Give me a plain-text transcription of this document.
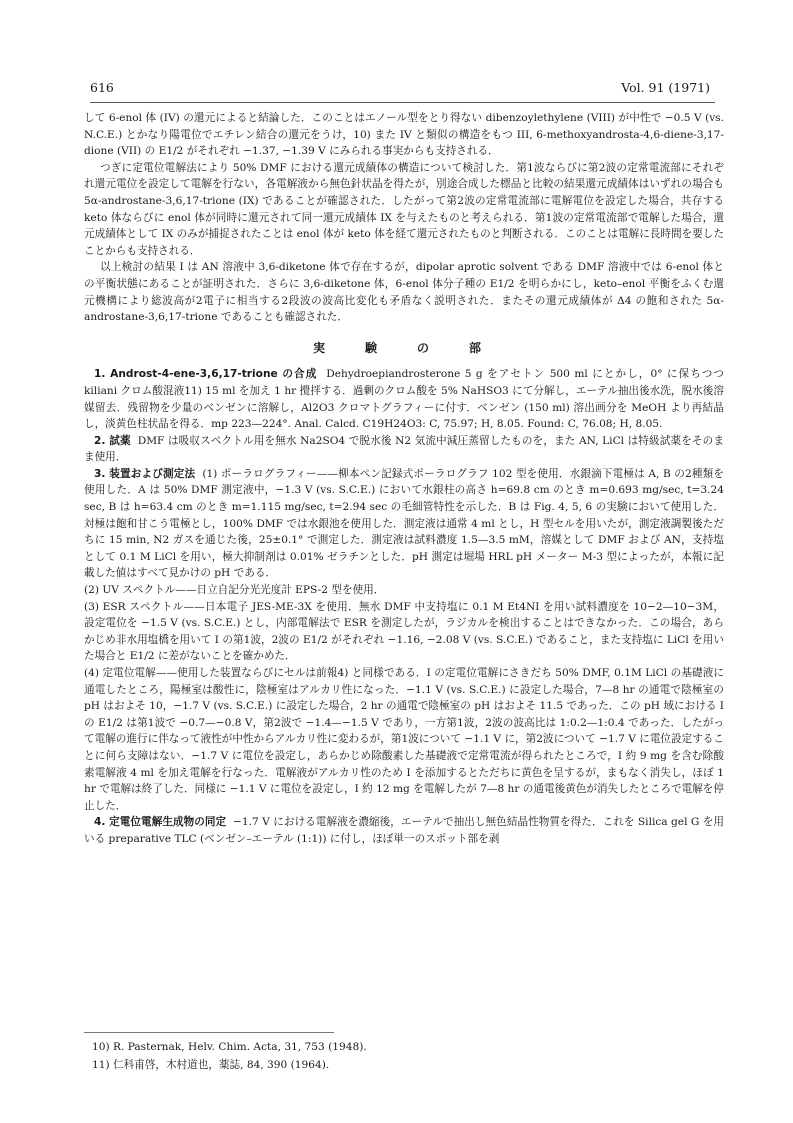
616	Vol. 91 (1971)

して 6-enol 体 (IV) の還元によると結論した．このことはエノール型をとり得ない dibenzoylethylene (VIII) が中性で −0.5 V (vs. N.C.E.) とかなり陽電位でエチレン結合の還元をうけ，10) また IV と類似の構造をもつ III, 6-methoxyandrosta-4,6-diene-3,17-dione (VII) の E1/2 がそれぞれ −1.37, −1.39 V にみられる事実からも支持される．

つぎに定電位電解法により 50% DMF における還元成績体の構造について検討した．第1波ならびに第2波の定常電流部にそれぞれ還元電位を設定して電解を行ない，各電解液から無色針状晶を得たが，別途合成した標品と比較の結果還元成績体はいずれの場合も 5α-androstane-3,6,17-trione (IX) であることが確認された．したがって第2波の定常電流部に電解電位を設定した場合，共存する keto 体ならびに enol 体が同時に還元されて同一還元成績体 IX を与えたものと考えられる．第1波の定常電流部で電解した場合，還元成績体として IX のみが捕捉されたことは enol 体が keto 体を経て還元されたものと判断される．このことは電解に長時間を要したことからも支持される．

以上検討の結果 I は AN 溶液中 3,6-diketone 体で存在するが，dipolar aprotic solvent である DMF 溶液中では 6-enol 体との平衡状態にあることが証明された．さらに 3,6-diketone 体，6-enol 体分子種の E1/2 を明らかにし，keto–enol 平衡をふくむ還元機構により総波高が2電子に相当する2段波の波高比変化も矛盾なく説明された．またその還元成績体が Δ4 の飽和された 5α-androstane-3,6,17-trione であることも確認された．

実　験　の　部

1. Androst-4-ene-3,6,17-trione の合成 Dehydroepiandrosterone 5 g をアセトン 500 ml にとかし，0° に保ちつつ kiliani クロム酸混液11) 15 ml を加え 1 hr 攪拌する．過剰のクロム酸を 5% NaHSO3 にて分解し，エーテル抽出後水洗，脱水後溶媒留去．残留物を少量のベンゼンに溶解し，Al2O3 クロマトグラフィーに付す．ベンゼン (150 ml) 溶出画分を MeOH より再結晶し，淡黄色柱状晶を得る．mp 223—224°. Anal. Calcd. C19H24O3: C, 75.97; H, 8.05. Found: C, 76.08; H, 8.05.

2. 試薬 DMF は吸収スペクトル用を無水 Na2SO4 で脱水後 N2 気流中減圧蒸留したものを，また AN, LiCl は特級試薬をそのまま使用．

3. 装置および測定法 (1) ポーラログラフィー——柳本ペン記録式ポーラログラフ 102 型を使用．水銀滴下電極は A, B の2種類を使用した．A は 50% DMF 測定液中，−1.3 V (vs. S.C.E.) において水銀柱の高さ h=69.8 cm のとき m=0.693 mg/sec, t=3.24 sec, B は h=63.4 cm のとき m=1.115 mg/sec, t=2.94 sec の毛細管特性を示した．B は Fig. 4, 5, 6 の実験において使用した．対極は飽和甘こう電極とし，100% DMF では水銀池を使用した．測定液は通常 4 ml とし，H 型セルを用いたが，測定液調製後ただちに 15 min, N2 ガスを通じた後，25±0.1° で測定した．測定液は試料濃度 1.5—3.5 mM，溶媒として DMF および AN，支持塩として 0.1 M LiCl を用い，極大抑制剤は 0.01% ゼラチンとした．pH 測定は堀場 HRL pH メーター M-3 型によったが，本報に記載した値はすべて見かけの pH である．

(2) UV スペクトル——日立自記分光光度計 EPS-2 型を使用．

(3) ESR スペクトル——日本電子 JES-ME-3X を使用．無水 DMF 中支持塩に 0.1 M Et4NI を用い試料濃度を 10−2—10−3M，設定電位を −1.5 V (vs. S.C.E.) とし，内部電解法で ESR を測定したが，ラジカルを検出することはできなかった．この場合，あらかじめ非水用塩橋を用いて I の第1波，2波の E1/2 がそれぞれ −1.16, −2.08 V (vs. S.C.E.) であること，また支持塩に LiCl を用いた場合と E1/2 に差がないことを確かめた．

(4) 定電位電解——使用した装置ならびにセルは前報4) と同様である．I の定電位電解にさきだち 50% DMF, 0.1M LiCl の基礎液に通電したところ，陽極室は酸性に，陰極室はアルカリ性になった．−1.1 V (vs. S.C.E.) に設定した場合，7—8 hr の通電で陰極室の pH はおよそ 10，−1.7 V (vs. S.C.E.) に設定した場合，2 hr の通電で陰極室の pH はおよそ 11.5 であった．この pH 域における I の E1/2 は第1波で −0.7—−0.8 V，第2波で −1.4—−1.5 V であり，一方第1波，2波の波高比は 1:0.2—1:0.4 であった．したがって電解の進行に伴なって液性が中性からアルカリ性に変わるが，第1波について −1.1 V に，第2波について −1.7 V に電位設定することに何ら支障はない．−1.7 V に電位を設定し，あらかじめ除酸素した基礎液で定常電流が得られたところで，I 約 9 mg を含む除酸素電解液 4 ml を加え電解を行なった．電解液がアルカリ性のため I を添加するとただちに黄色を呈するが，まもなく消失し，ほぼ 1 hr で電解は終了した．同様に −1.1 V に電位を設定し，I 約 12 mg を電解したが 7—8 hr の通電後黄色が消失したところで電解を停止した．

4. 定電位電解生成物の同定 −1.7 V における電解液を濃縮後，エーテルで抽出し無色結晶性物質を得た．これを Silica gel G を用いる preparative TLC (ベンゼン–エーテル (1:1)) に付し，ほぼ単一のスポット部を剥

10) R. Pasternak, Helv. Chim. Acta, 31, 753 (1948).
11) 仁科甫啓，木村道也，薬誌, 84, 390 (1964).
